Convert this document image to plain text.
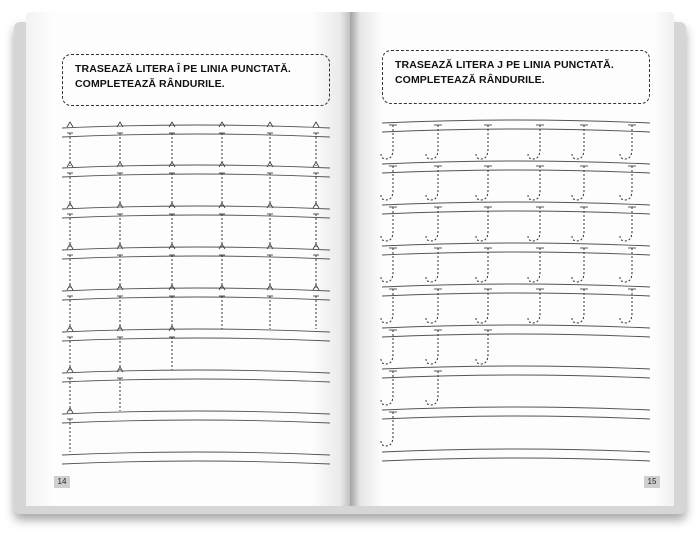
TRASEAZĂ LITERA Î PE LINIA PUNCTATĂ.
COMPLETEAZĂ RÂNDURILE.
TRASEAZĂ LITERA J PE LINIA PUNCTATĂ.
COMPLETEAZĂ RÂNDURILE.
14	15
